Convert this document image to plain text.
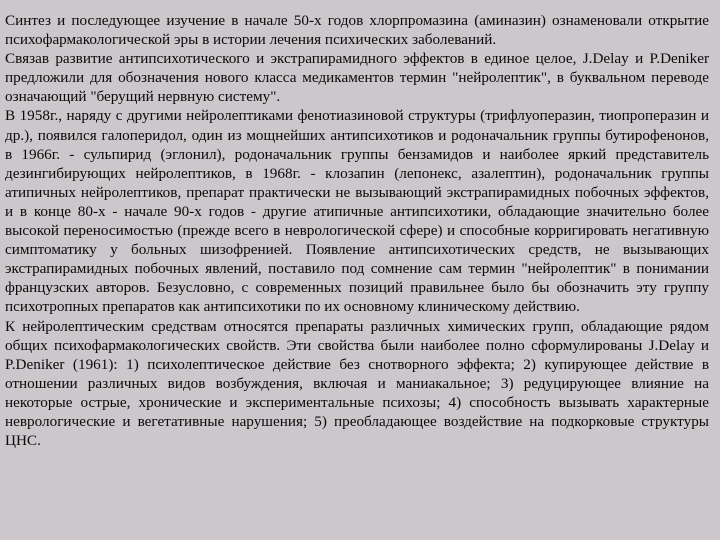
Синтез и последующее изучение в начале 50-х годов хлорпромазина (аминазин) ознаменовали открытие психофармакологической эры в истории лечения психических заболеваний.

Связав развитие антипсихотического и экстрапирамидного эффектов в единое целое, J.Delay и P.Deniker предложили для обозначения нового класса медикаментов термин "нейролептик", в буквальном переводе означающий "берущий нервную систему".

В 1958г., наряду с другими нейролептиками фенотиазиновой структуры (трифлуоперазин, тиопроперазин и др.), появился галоперидол, один из мощнейших антипсихотиков и родоначальник группы бутирофенонов, в 1966г. - сульпирид (эглонил), родоначальник группы бензамидов и наиболее яркий представитель дезингибирующих нейролептиков, в 1968г. - клозапин (лепонекс, азалептин), родоначальник группы атипичных нейролептиков, препарат практически не вызывающий экстрапирамидных побочных эффектов, и в конце 80-х - начале 90-х годов - другие атипичные антипсихотики, обладающие значительно более высокой переносимостью (прежде всего в неврологической сфере) и способные корригировать негативную симптоматику у больных шизофренией. Появление антипсихотических средств, не вызывающих экстрапирамидных побочных явлений, поставило под сомнение сам термин "нейролептик" в понимании французских авторов. Безусловно, с современных позиций правильнее было бы обозначить эту группу психотропных препаратов как антипсихотики по их основному клиническому действию.

К нейролептическим средствам относятся препараты различных химических групп, обладающие рядом общих психофармакологических свойств. Эти свойства были наиболее полно сформулированы J.Delay и P.Deniker (1961): 1) психолептическое действие без снотворного эффекта; 2) купирующее действие в отношении различных видов возбуждения, включая и маниакальное; 3) редуцирующее влияние на некоторые острые, хронические и экспериментальные психозы; 4) способность вызывать характерные неврологические и вегетативные нарушения; 5) преобладающее воздействие на подкорковые структуры ЦНС.
